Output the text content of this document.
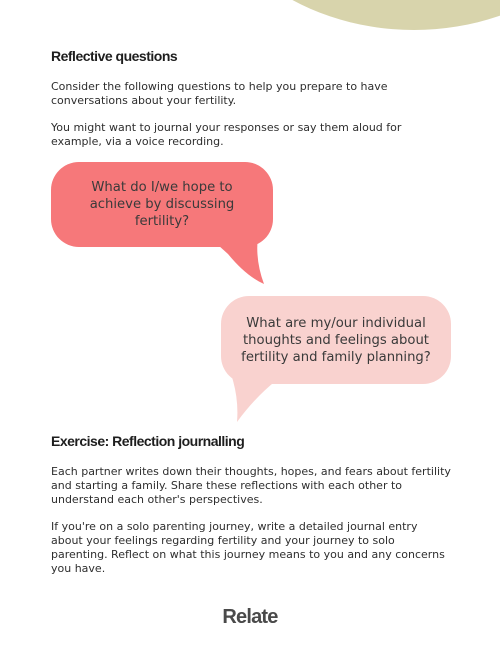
Reflective questions

Consider the following questions to help you prepare to have conversations about your fertility.

You might want to journal your responses or say them aloud for example, via a voice recording.

What do I/we hope to achieve by discussing fertility?
What are my/our individual thoughts and feelings about fertility and family planning?
Exercise: Reflection journalling

Each partner writes down their thoughts, hopes, and fears about fertility and starting a family. Share these reflections with each other to understand each other's perspectives.

If you're on a solo parenting journey, write a detailed journal entry about your feelings regarding fertility and your journey to solo parenting. Reflect on what this journey means to you and any concerns you have.

Relate
